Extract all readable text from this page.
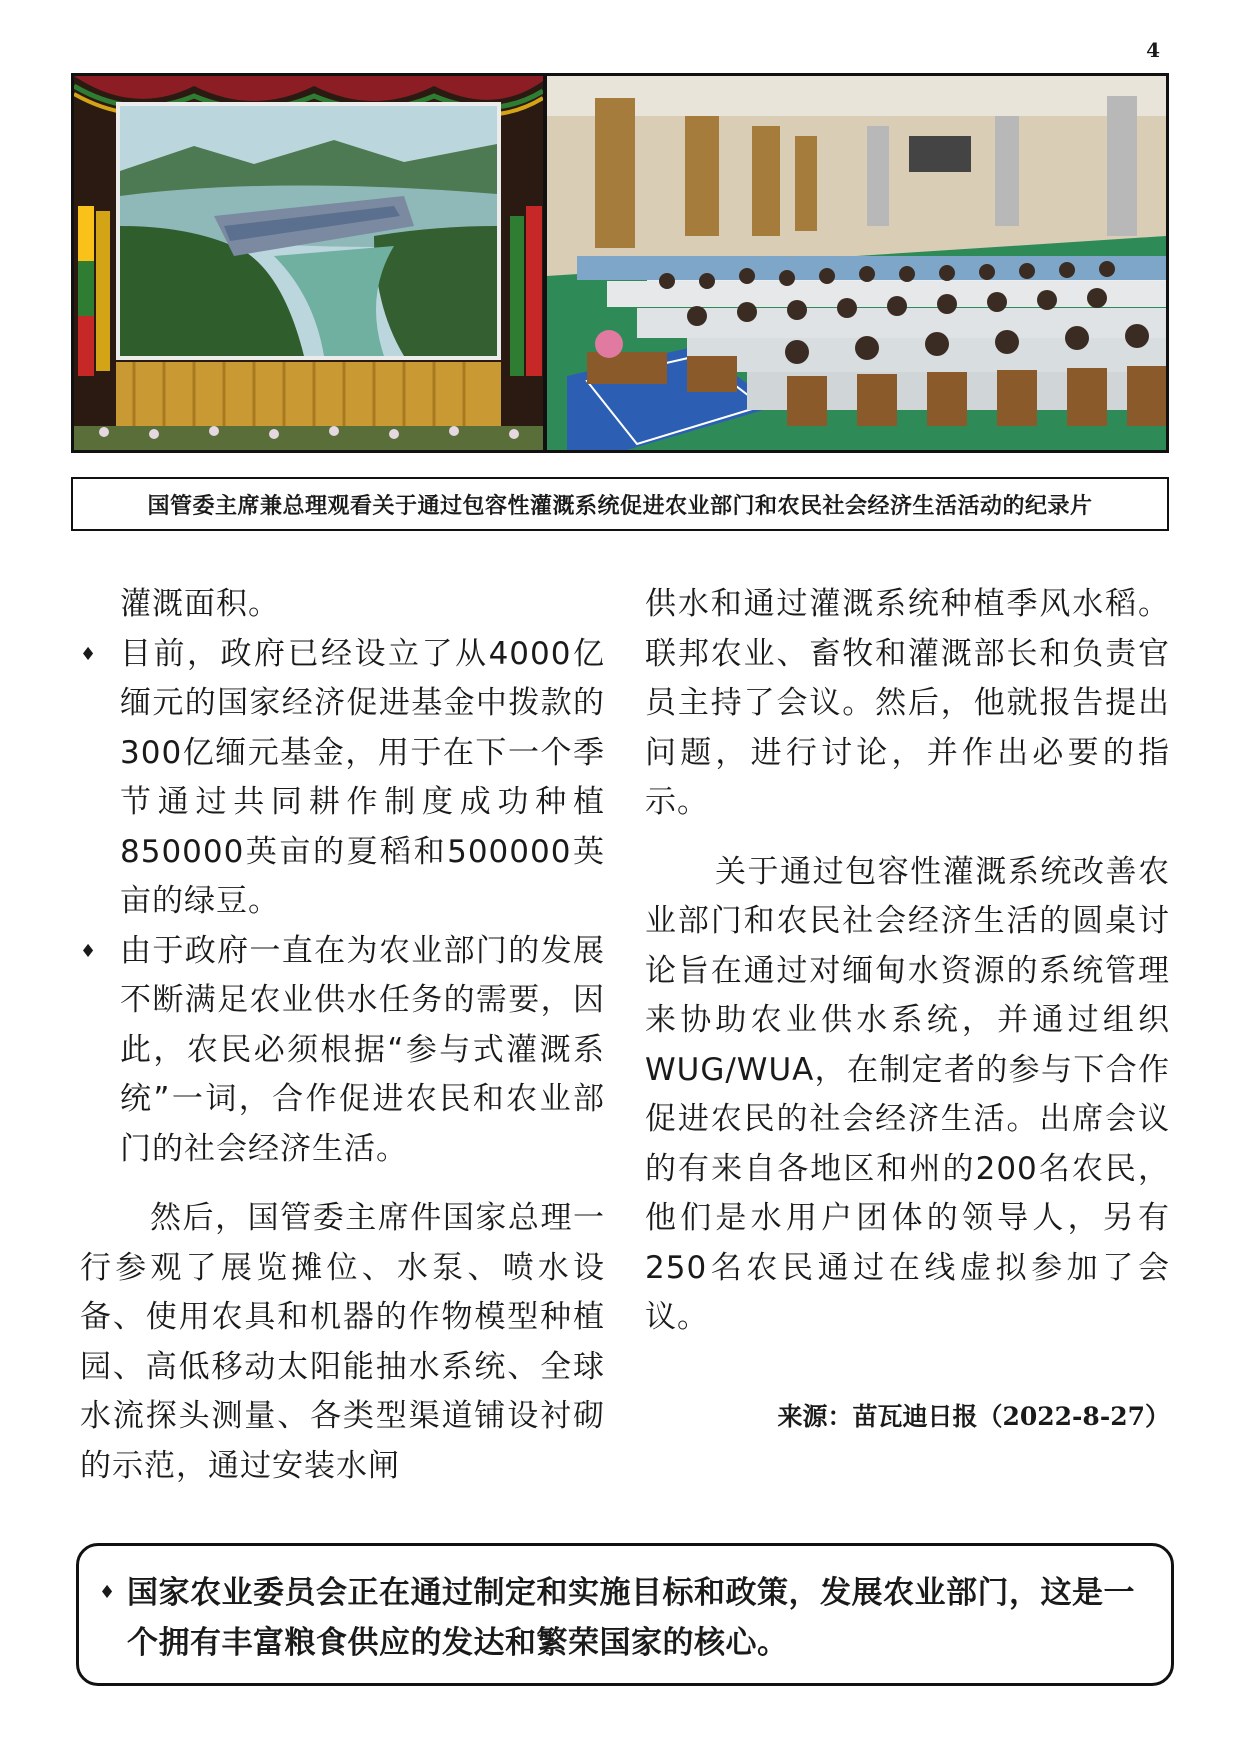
4
国管委主席兼总理观看关于通过包容性灌溉系统促进农业部门和农民社会经济生活活动的纪录片

灌溉面积。

♦ 目前，政府已经设立了从4000亿缅元的国家经济促进基金中拨款的300亿缅元基金，用于在下一个季节通过共同耕作制度成功种植850000英亩的夏稻和500000英亩的绿豆。

♦ 由于政府一直在为农业部门的发展不断满足农业供水任务的需要，因此，农民必须根据“参与式灌溉系统”一词，合作促进农民和农业部门的社会经济生活。

然后，国管委主席件国家总理一行参观了展览摊位、水泵、喷水设备、使用农具和机器的作物模型种植园、高低移动太阳能抽水系统、全球水流探头测量、各类型渠道铺设衬砌的示范，通过安装水闸

供水和通过灌溉系统种植季风水稻。联邦农业、畜牧和灌溉部长和负责官员主持了会议。然后，他就报告提出问题，进行讨论，并作出必要的指示。

关于通过包容性灌溉系统改善农业部门和农民社会经济生活的圆桌讨论旨在通过对缅甸水资源的系统管理来协助农业供水系统，并通过组织WUG/WUA，在制定者的参与下合作促进农民的社会经济生活。出席会议的有来自各地区和州的200名农民，他们是水用户团体的领导人，另有250名农民通过在线虚拟参加了会议。

来源：苗瓦迪日报（2022-8-27）
♦ 国家农业委员会正在通过制定和实施目标和政策，发展农业部门，这是一个拥有丰富粮食供应的发达和繁荣国家的核心。
